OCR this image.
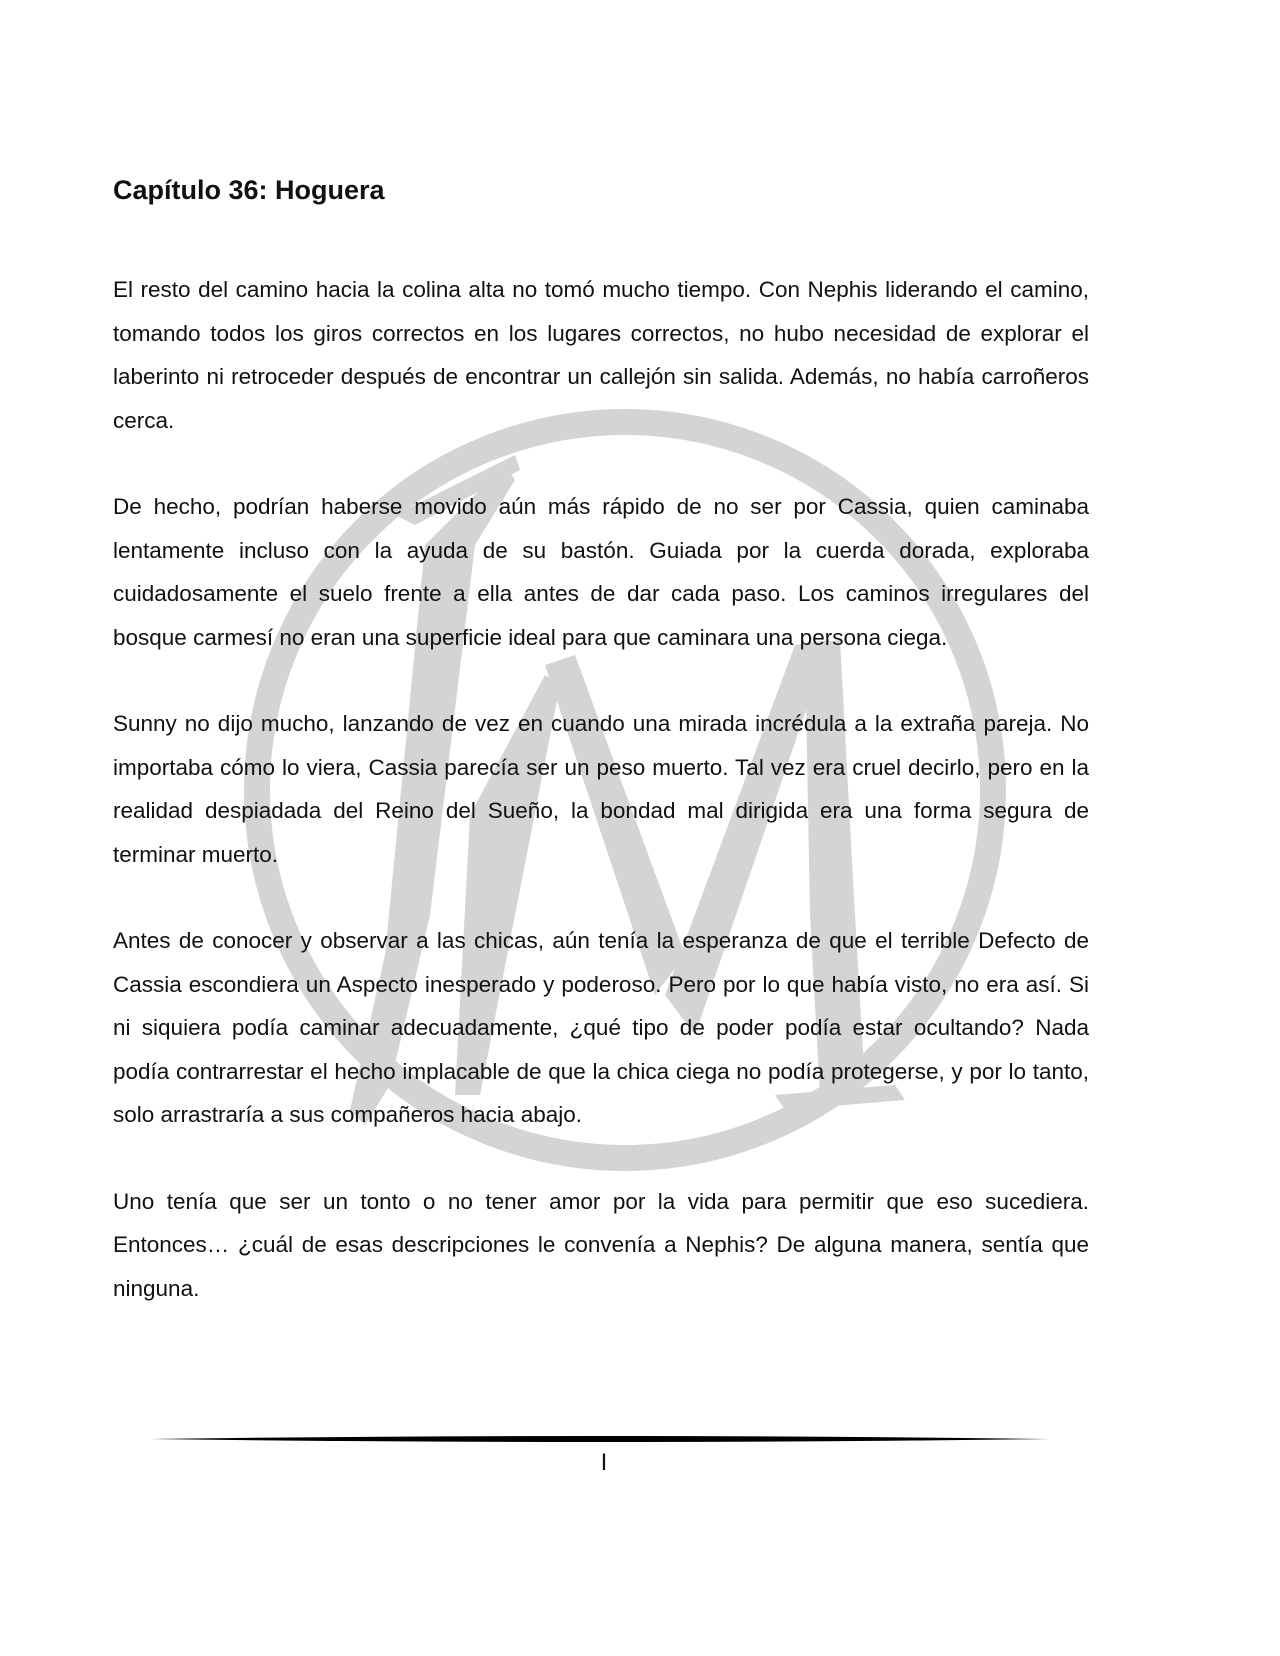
Capítulo 36: Hoguera

El resto del camino hacia la colina alta no tomó mucho tiempo. Con Nephis liderando el camino, tomando todos los giros correctos en los lugares correctos, no hubo necesidad de explorar el laberinto ni retroceder después de encontrar un callejón sin salida. Además, no había carroñeros cerca.

De hecho, podrían haberse movido aún más rápido de no ser por Cassia, quien caminaba lentamente incluso con la ayuda de su bastón. Guiada por la cuerda dorada, exploraba cuidadosamente el suelo frente a ella antes de dar cada paso. Los caminos irregulares del bosque carmesí no eran una superficie ideal para que caminara una persona ciega.

Sunny no dijo mucho, lanzando de vez en cuando una mirada incrédula a la extraña pareja. No importaba cómo lo viera, Cassia parecía ser un peso muerto. Tal vez era cruel decirlo, pero en la realidad despiadada del Reino del Sueño, la bondad mal dirigida era una forma segura de terminar muerto.

Antes de conocer y observar a las chicas, aún tenía la esperanza de que el terrible Defecto de Cassia escondiera un Aspecto inesperado y poderoso. Pero por lo que había visto, no era así. Si ni siquiera podía caminar adecuadamente, ¿qué tipo de poder podía estar ocultando? Nada podía contrarrestar el hecho implacable de que la chica ciega no podía protegerse, y por lo tanto, solo arrastraría a sus compañeros hacia abajo.

Uno tenía que ser un tonto o no tener amor por la vida para permitir que eso sucediera. Entonces… ¿cuál de esas descripciones le convenía a Nephis? De alguna manera, sentía que ninguna.

I
